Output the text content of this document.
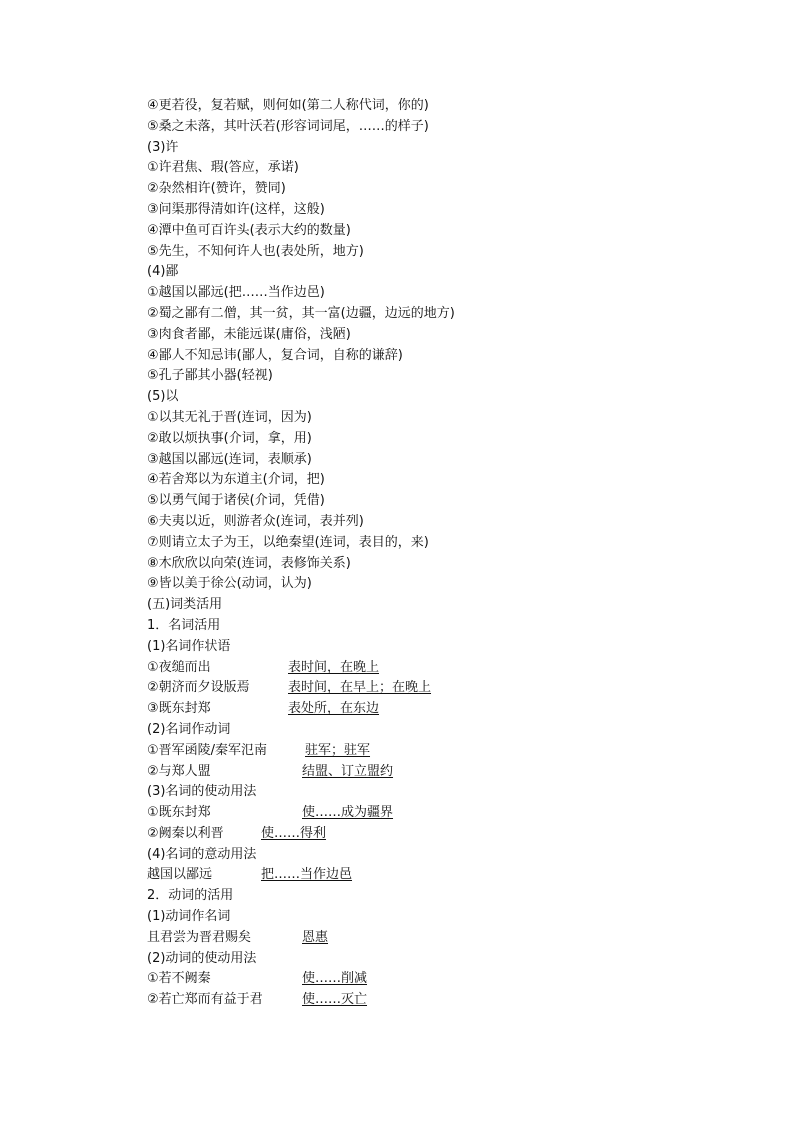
④更若役，复若赋，则何如(第二人称代词，你的)
⑤桑之未落，其叶沃若(形容词词尾，……的样子)
(3)许
①许君焦、瑕(答应，承诺)
②杂然相许(赞许，赞同)
③问渠那得清如许(这样，这般)
④潭中鱼可百许头(表示大约的数量)
⑤先生，不知何许人也(表处所，地方)
(4)鄙
①越国以鄙远(把……当作边邑)
②蜀之鄙有二僧，其一贫，其一富(边疆，边远的地方)
③肉食者鄙，未能远谋(庸俗，浅陋)
④鄙人不知忌讳(鄙人，复合词，自称的谦辞)
⑤孔子鄙其小器(轻视)
(5)以
①以其无礼于晋(连词，因为)
②敢以烦执事(介词，拿，用)
③越国以鄙远(连词，表顺承)
④若舍郑以为东道主(介词，把)
⑤以勇气闻于诸侯(介词，凭借)
⑥夫夷以近，则游者众(连词，表并列)
⑦则请立太子为王，以绝秦望(连词，表目的，来)
⑧木欣欣以向荣(连词，表修饰关系)
⑨皆以美于徐公(动词，认为)
(五)词类活用
1．名词活用
(1)名词作状语
①夜缒而出	表时间，在晚上
②朝济而夕设版焉	表时间，在早上；在晚上
③既东封郑	表处所，在东边
(2)名词作动词
①晋军函陵/秦军氾南	驻军；驻军
②与郑人盟	结盟、订立盟约
(3)名词的使动用法
①既东封郑	使……成为疆界
②阙秦以利晋	使……得利
(4)名词的意动用法
越国以鄙远	把……当作边邑
2．动词的活用
(1)动词作名词
且君尝为晋君赐矣	恩惠
(2)动词的使动用法
①若不阙秦	使……削减
②若亡郑而有益于君	使……灭亡
